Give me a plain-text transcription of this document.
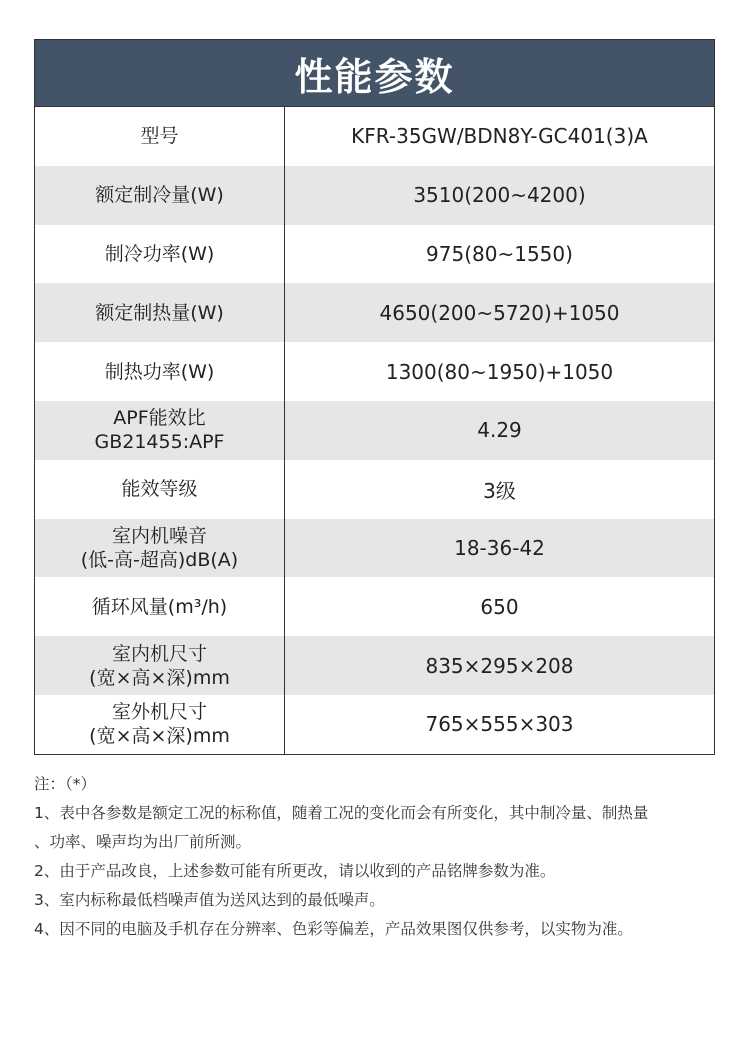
性能参数
型号	KFR-35GW/BDN8Y-GC401(3)A
额定制冷量(W)	3510(200~4200)
制冷功率(W)	975(80~1550)
额定制热量(W)	4650(200~5720)+1050
制热功率(W)	1300(80~1950)+1050
APF能效比
GB21455:APF	4.29
能效等级	3级
室内机噪音
(低-高-超高)dB(A)	18-36-42
循环风量(m³/h)	650
室内机尺寸
(宽×高×深)mm	835×295×208
室外机尺寸
(宽×高×深)mm	765×555×303
注：（*）
1、表中各参数是额定工况的标称值，随着工况的变化而会有所变化，其中制冷量、制热量
、功率、噪声均为出厂前所测。
2、由于产品改良，上述参数可能有所更改，请以收到的产品铭牌参数为准。
3、室内标称最低档噪声值为送风达到的最低噪声。
4、因不同的电脑及手机存在分辨率、色彩等偏差，产品效果图仅供参考，以实物为准。
